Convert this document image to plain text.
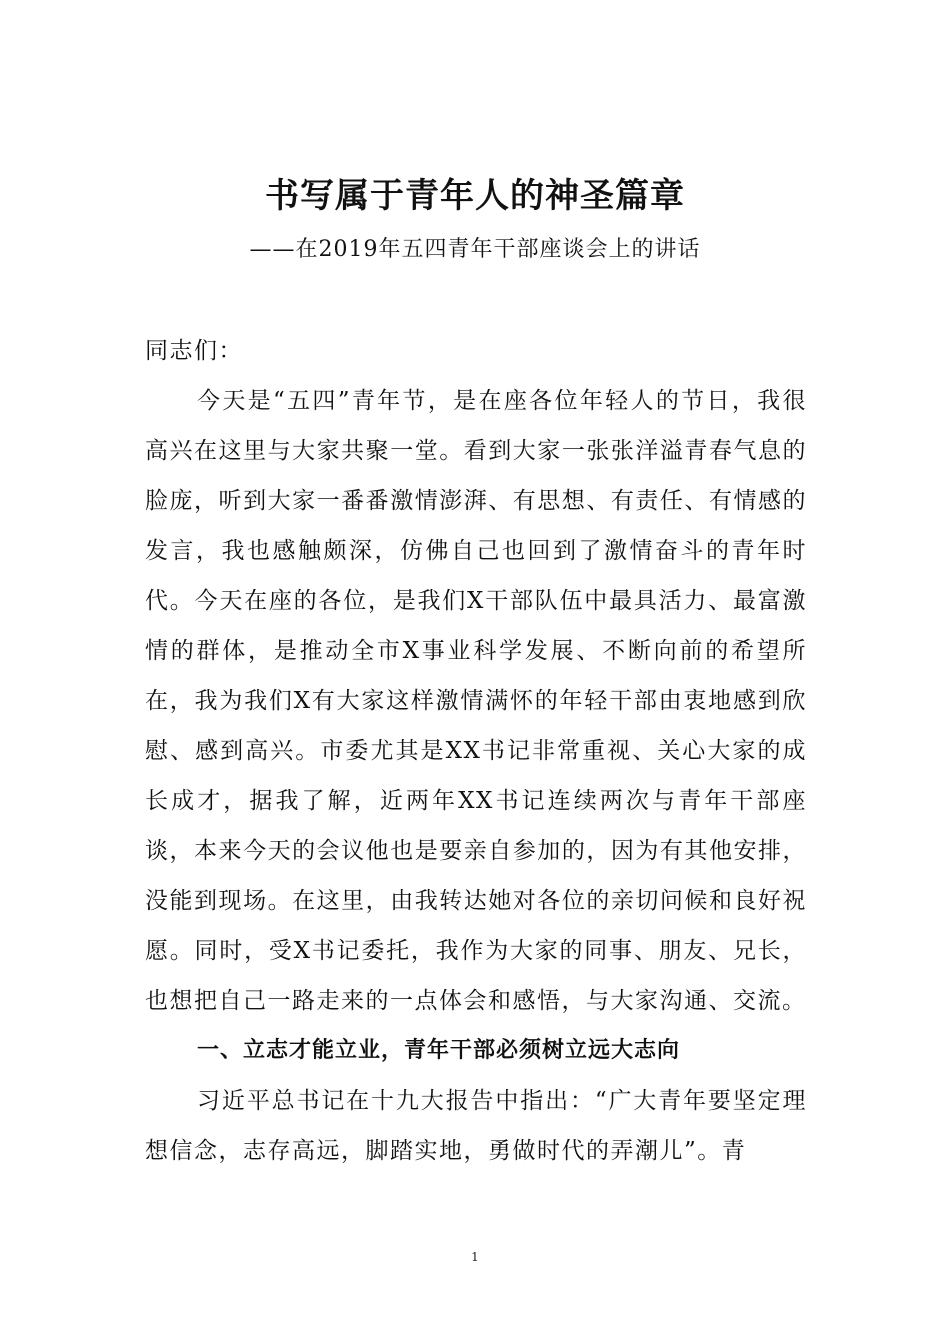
书写属于青年人的神圣篇章
——在2019年五四青年干部座谈会上的讲话

同志们：

今天是“五四”青年节，是在座各位年轻人的节日，我很高兴在这里与大家共聚一堂。看到大家一张张洋溢青春气息的脸庞，听到大家一番番激情澎湃、有思想、有责任、有情感的发言，我也感触颇深，仿佛自己也回到了激情奋斗的青年时代。今天在座的各位，是我们X干部队伍中最具活力、最富激情的群体，是推动全市X事业科学发展、不断向前的希望所在，我为我们X有大家这样激情满怀的年轻干部由衷地感到欣慰、感到高兴。市委尤其是XX书记非常重视、关心大家的成长成才，据我了解，近两年XX书记连续两次与青年干部座谈，本来今天的会议他也是要亲自参加的，因为有其他安排，没能到现场。在这里，由我转达她对各位的亲切问候和良好祝愿。同时，受X书记委托，我作为大家的同事、朋友、兄长，也想把自己一路走来的一点体会和感悟，与大家沟通、交流。

一、立志才能立业，青年干部必须树立远大志向

习近平总书记在十九大报告中指出：“广大青年要坚定理想信念，志存高远，脚踏实地，勇做时代的弄潮儿”。青

1
